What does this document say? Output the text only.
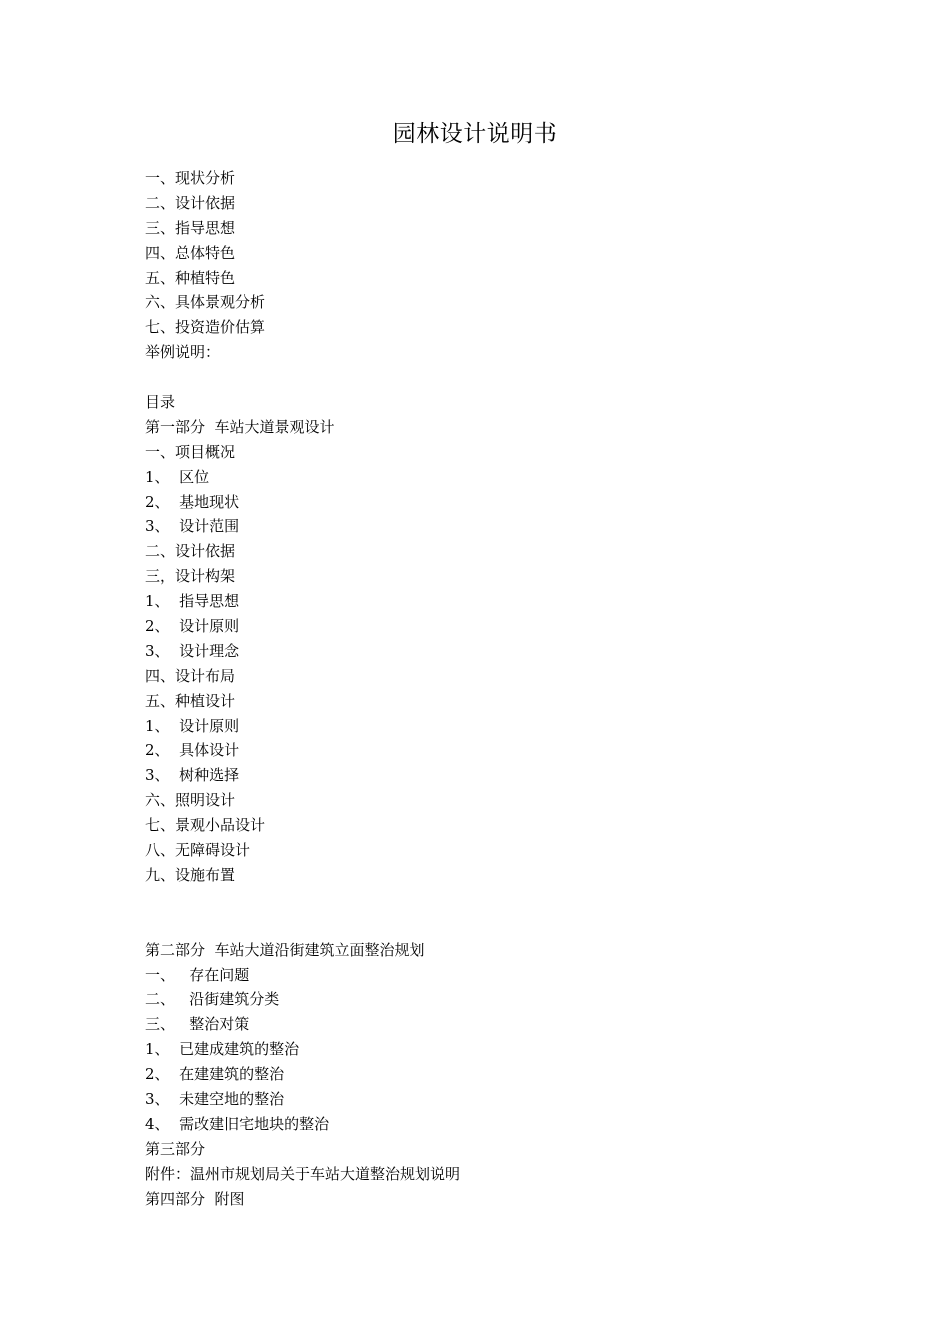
园林设计说明书
一、现状分析
二、设计依据
三、指导思想
四、总体特色
五、种植特色
六、具体景观分析
七、投资造价估算
举例说明：
目录
第一部分  车站大道景观设计
一、项目概况
1、  区位
2、  基地现状
3、  设计范围
二、设计依据
三，设计构架
1、  指导思想
2、  设计原则
3、  设计理念
四、设计布局
五、种植设计
1、  设计原则
2、  具体设计
3、  树种选择
六、照明设计
七、景观小品设计
八、无障碍设计
九、设施布置
第二部分  车站大道沿街建筑立面整治规划
一、   存在问题
二、   沿街建筑分类
三、   整治对策
1、  已建成建筑的整治
2、  在建建筑的整治
3、  未建空地的整治
4、  需改建旧宅地块的整治
第三部分
附件：温州市规划局关于车站大道整治规划说明
第四部分  附图
